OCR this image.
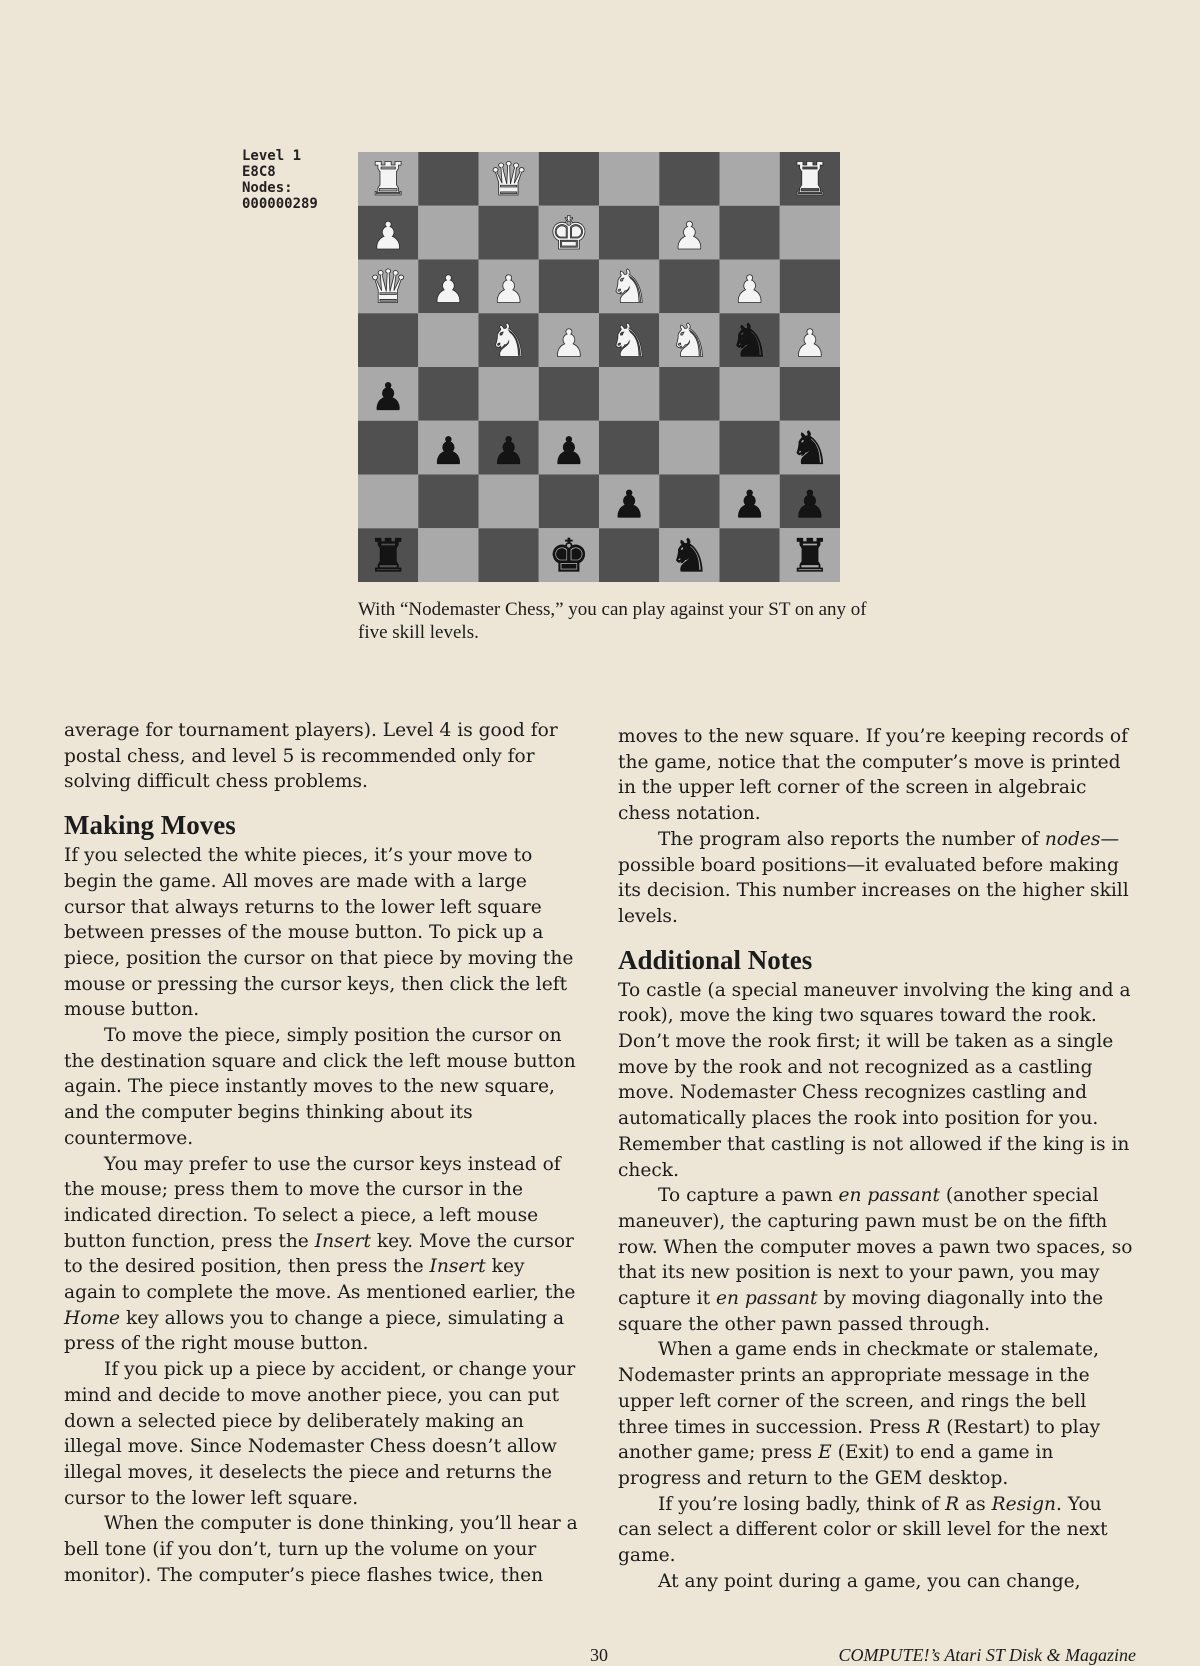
Level 1
E8C8
Nodes:
000000289 ♜ ♛	♜
♟	♚ ♟
♛ ♟ ♟ ♞ ♟
♞ ♟ ♞ ♞ ♞ ♟
♟
♟ ♟ ♟	♞
♟ ♟ ♟
♜	♚ ♞ ♜
With “Nodemaster Chess,” you can play against your ST on any of five skill levels.

average for tournament players). Level 4 is good for postal chess, and level 5 is recommended only for solving difficult chess problems.

Making Moves

If you selected the white pieces, it’s your move to begin the game. All moves are made with a large cursor that always returns to the lower left square between presses of the mouse button. To pick up a piece, position the cursor on that piece by moving the mouse or pressing the cursor keys, then click the left mouse button.

To move the piece, simply position the cursor on the destination square and click the left mouse button again. The piece instantly moves to the new square, and the computer begins thinking about its countermove.

You may prefer to use the cursor keys instead of the mouse; press them to move the cursor in the indicated direction. To select a piece, a left mouse button function, press the Insert key. Move the cursor to the desired position, then press the Insert key again to complete the move. As mentioned earlier, the Home key allows you to change a piece, simulating a press of the right mouse button.

If you pick up a piece by accident, or change your mind and decide to move another piece, you can put down a selected piece by deliberately making an illegal move. Since Nodemaster Chess doesn’t allow illegal moves, it deselects the piece and returns the cursor to the lower left square.

When the computer is done thinking, you’ll hear a bell tone (if you don’t, turn up the volume on your monitor). The computer’s piece flashes twice, then

moves to the new square. If you’re keeping records of the game, notice that the computer’s move is printed in the upper left corner of the screen in algebraic chess notation.

The program also reports the number of nodes—possible board positions—it evaluated before making its decision. This number increases on the higher skill levels.

Additional Notes

To castle (a special maneuver involving the king and a rook), move the king two squares toward the rook. Don’t move the rook first; it will be taken as a single move by the rook and not recognized as a castling move. Nodemaster Chess recognizes castling and automatically places the rook into position for you. Remember that castling is not allowed if the king is in check.

To capture a pawn en passant (another special maneuver), the capturing pawn must be on the fifth row. When the computer moves a pawn two spaces, so that its new position is next to your pawn, you may capture it en passant by moving diagonally into the square the other pawn passed through.

When a game ends in checkmate or stalemate, Nodemaster prints an appropriate message in the upper left corner of the screen, and rings the bell three times in succession. Press R (Restart) to play another game; press E (Exit) to end a game in progress and return to the GEM desktop.

If you’re losing badly, think of R as Resign. You can select a different color or skill level for the next game.

At any point during a game, you can change,

30	COMPUTE!’s Atari ST Disk & Magazine
